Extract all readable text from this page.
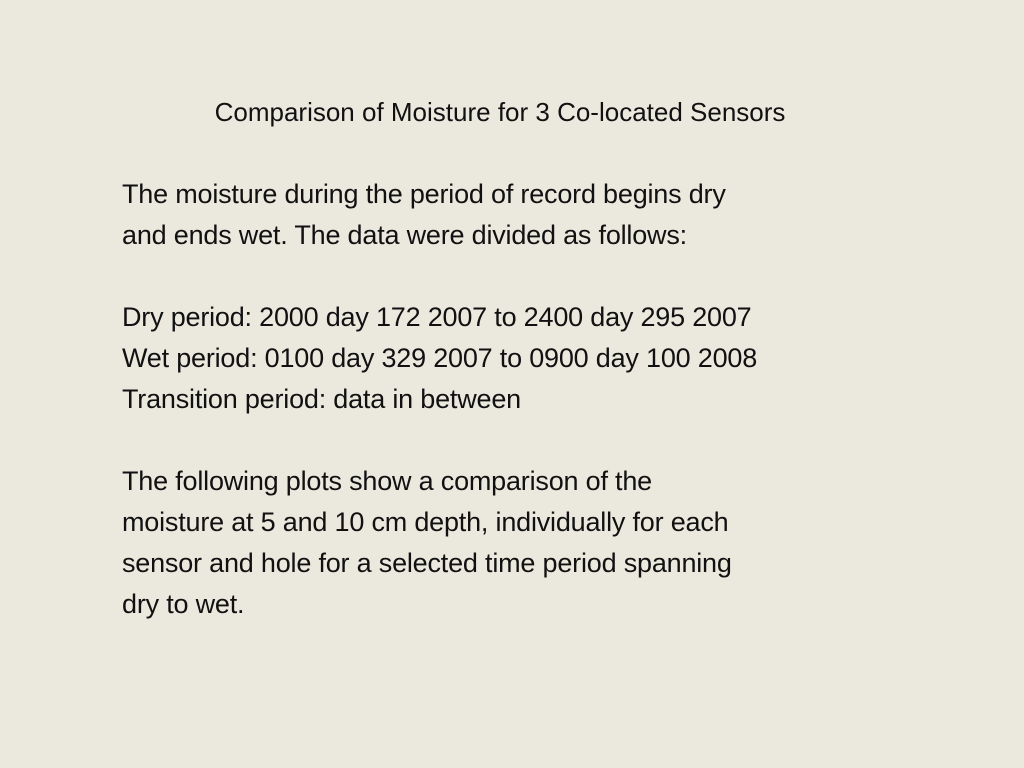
Comparison of Moisture for 3 Co-located Sensors

The moisture during the period of record begins dry
and ends wet. The data were divided as follows:

Dry period: 2000 day 172 2007 to 2400 day 295 2007
Wet period: 0100 day 329 2007 to 0900 day 100 2008
Transition period: data in between

The following plots show a comparison of the
moisture at 5 and 10 cm depth, individually for each
sensor and hole for a selected time period spanning
dry to wet.
